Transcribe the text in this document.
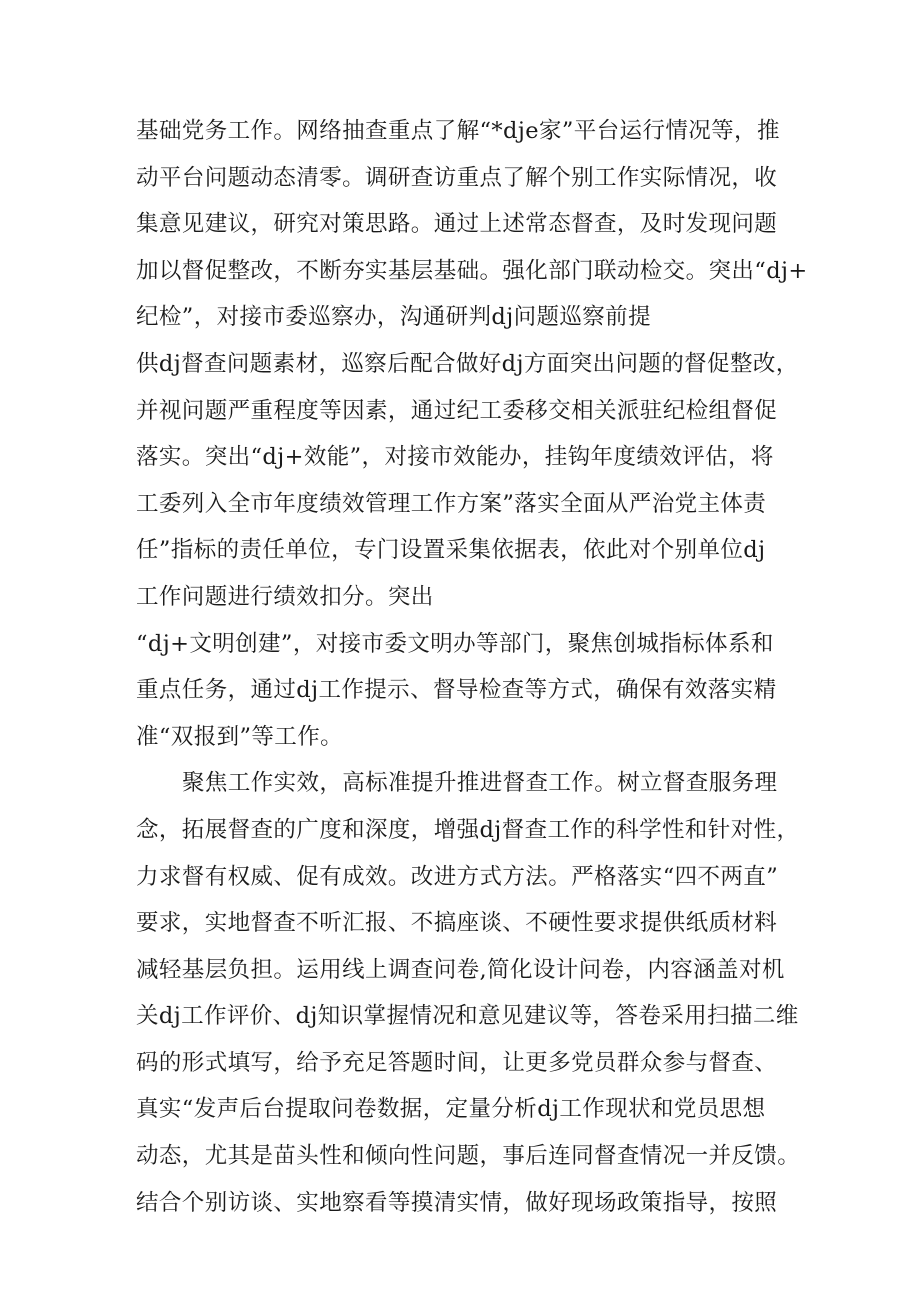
基础党务工作。网络抽查重点了解“*dje家”平台运行情况等，推
动平台问题动态清零。调研查访重点了解个别工作实际情况，收
集意见建议，研究对策思路。通过上述常态督查，及时发现问题
加以督促整改，不断夯实基层基础。强化部门联动检交。突出“dj+
纪检”，对接市委巡察办，沟通研判dj问题巡察前提
供dj督查问题素材，巡察后配合做好dj方面突出问题的督促整改，
并视问题严重程度等因素，通过纪工委移交相关派驻纪检组督促
落实。突出“dj+效能”，对接市效能办，挂钩年度绩效评估，将
工委列入全市年度绩效管理工作方案”落实全面从严治党主体责
任”指标的责任单位，专门设置采集依据表，依此对个别单位dj
工作问题进行绩效扣分。突出
“dj+文明创建”，对接市委文明办等部门，聚焦创城指标体系和
重点任务，通过dj工作提示、督导检查等方式，确保有效落实精
准“双报到”等工作。
聚焦工作实效，高标准提升推进督查工作。树立督查服务理
念，拓展督查的广度和深度，增强dj督查工作的科学性和针对性，
力求督有权威、促有成效。改进方式方法。严格落实“四不两直”
要求，实地督查不听汇报、不搞座谈、不硬性要求提供纸质材料
减轻基层负担。运用线上调查问卷,简化设计问卷，内容涵盖对机
关dj工作评价、dj知识掌握情况和意见建议等，答卷采用扫描二维
码的形式填写，给予充足答题时间，让更多党员群众参与督查、
真实“发声后台提取问卷数据，定量分析dj工作现状和党员思想
动态，尤其是苗头性和倾向性问题，事后连同督查情况一并反馈。
结合个别访谈、实地察看等摸清实情，做好现场政策指导，按照
